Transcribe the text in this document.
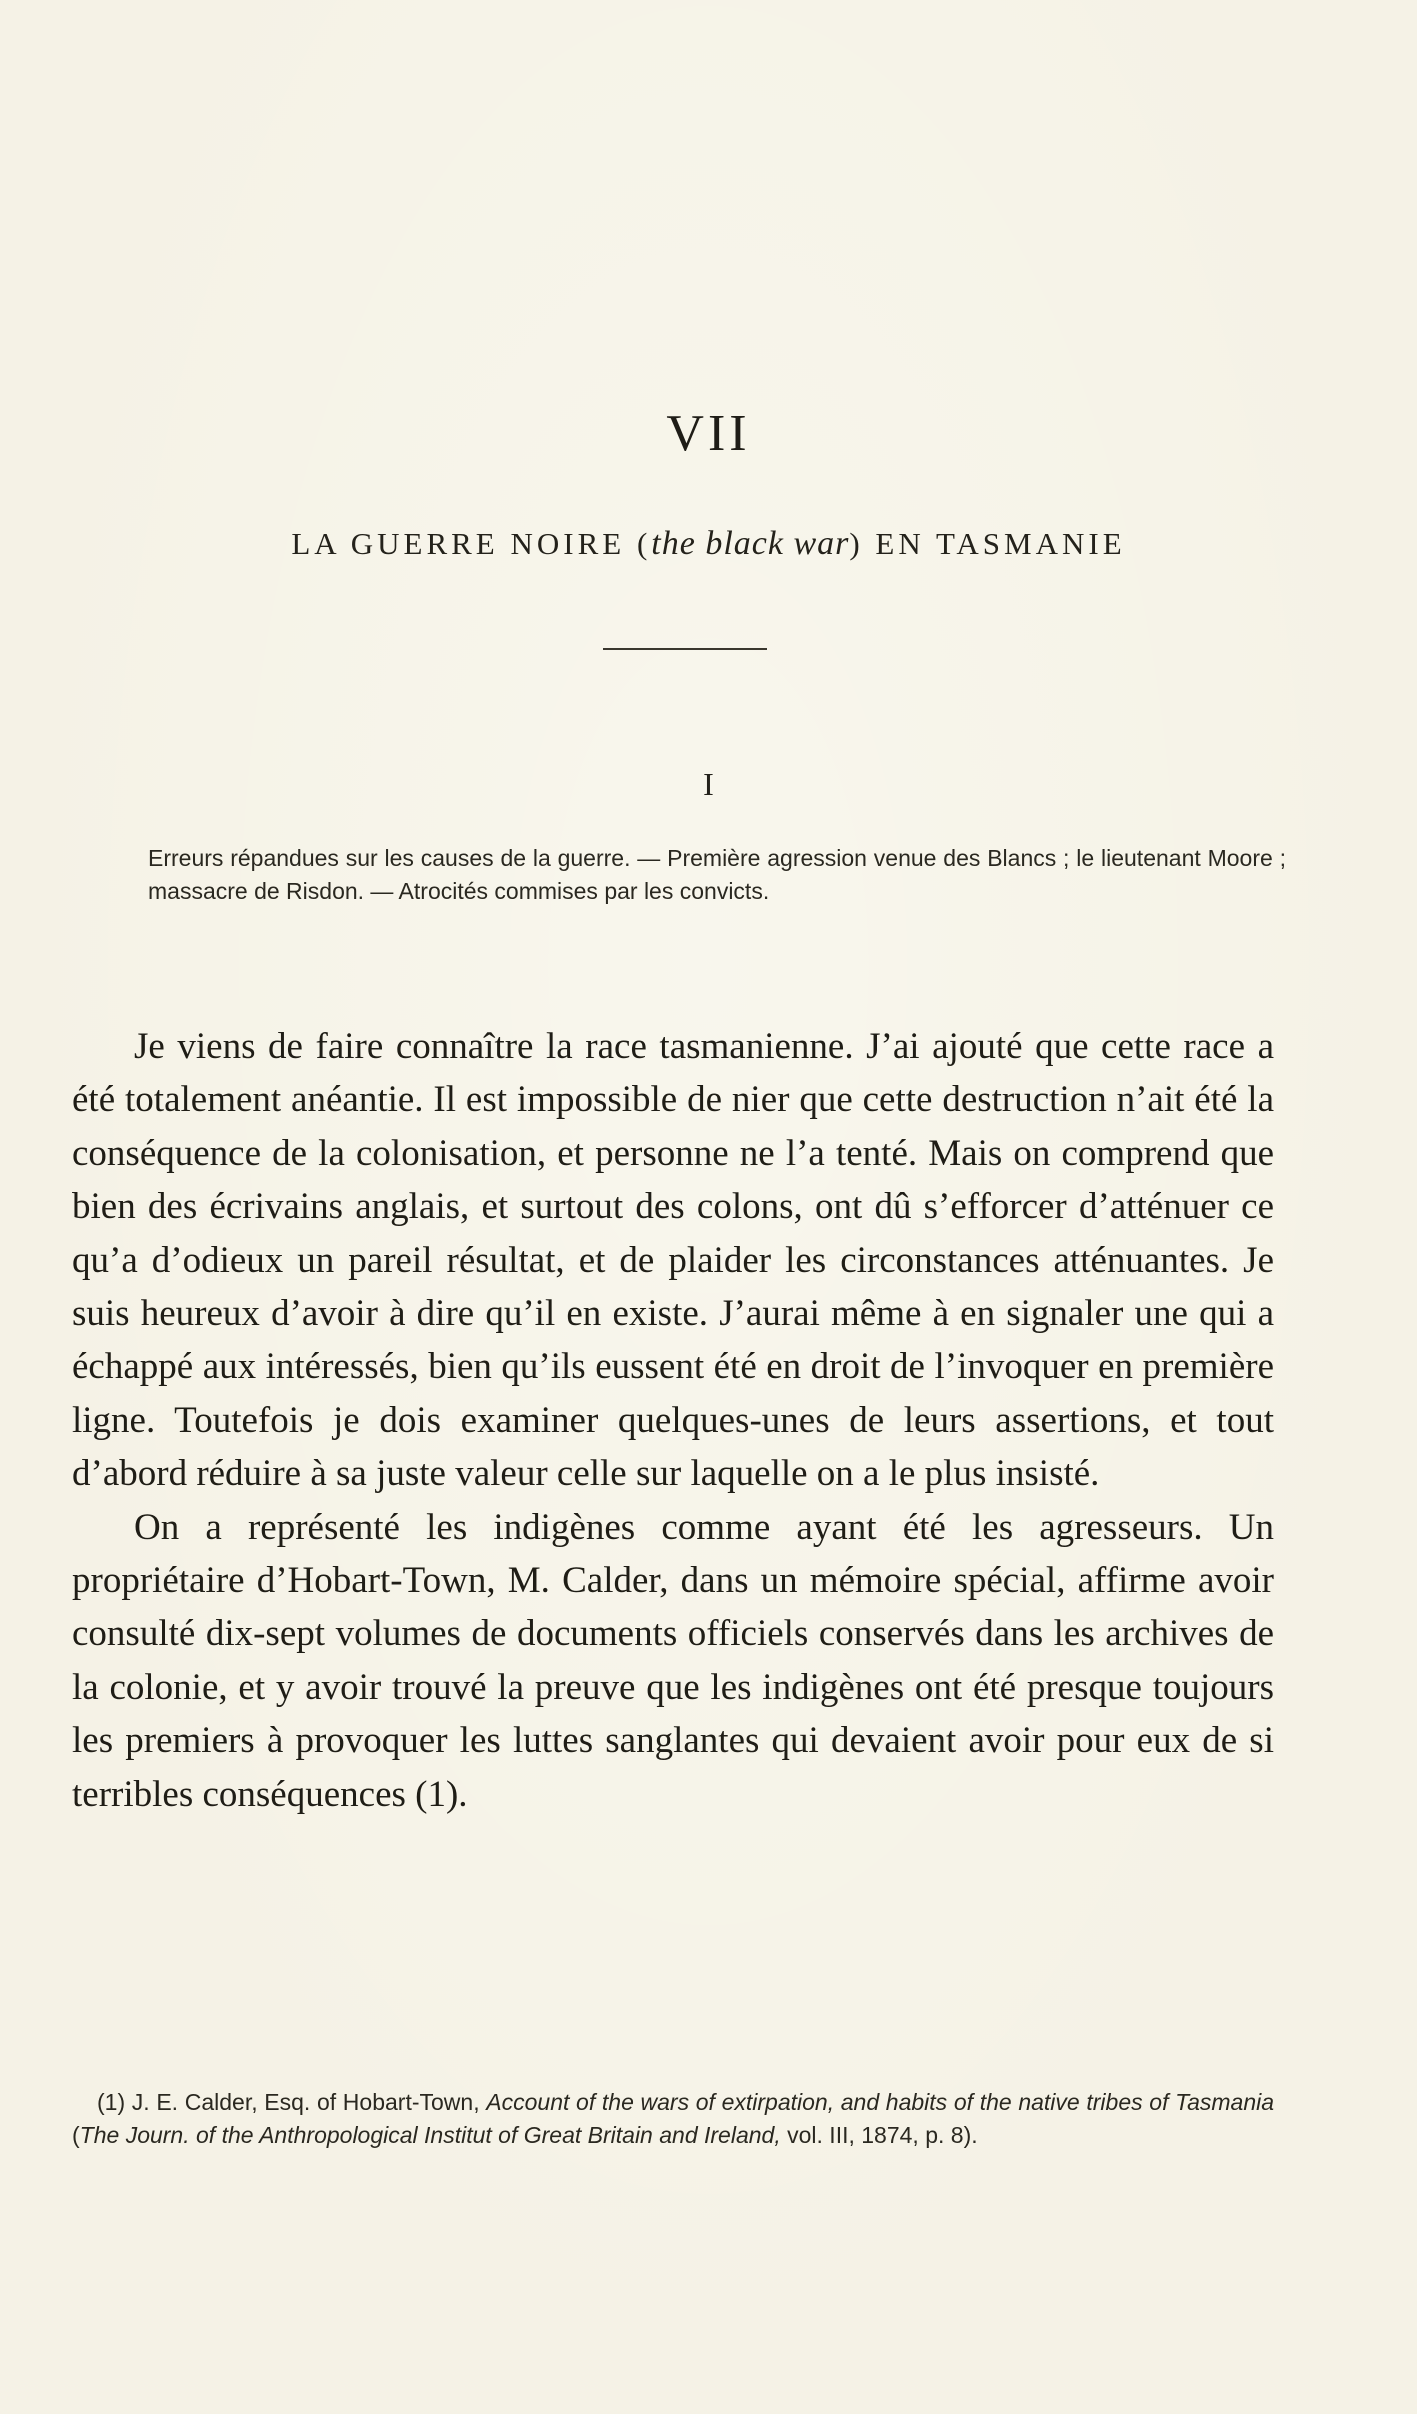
VII
LA GUERRE NOIRE (the black war) EN TASMANIE
I
Erreurs répandues sur les causes de la guerre. — Première agression venue des Blancs ; le lieutenant Moore ; massacre de Risdon. — Atrocités commises par les convicts.

Je viens de faire connaître la race tasmanienne. J’ai ajouté que cette race a été totalement anéantie. Il est impossible de nier que cette destruction n’ait été la conséquence de la colonisation, et personne ne l’a tenté. Mais on comprend que bien des écrivains anglais, et surtout des colons, ont dû s’efforcer d’atténuer ce qu’a d’odieux un pareil résultat, et de plaider les circonstances atténuantes. Je suis heureux d’avoir à dire qu’il en existe. J’aurai même à en signaler une qui a échappé aux intéressés, bien qu’ils eussent été en droit de l’invoquer en première ligne. Toutefois je dois examiner quelques-unes de leurs assertions, et tout d’abord réduire à sa juste valeur celle sur laquelle on a le plus insisté.

On a représenté les indigènes comme ayant été les agresseurs. Un propriétaire d’Hobart-Town, M. Calder, dans un mémoire spécial, affirme avoir consulté dix-sept volumes de documents officiels conservés dans les archives de la colonie, et y avoir trouvé la preuve que les indigènes ont été presque toujours les premiers à provoquer les luttes sanglantes qui devaient avoir pour eux de si terribles conséquences (1).

(1) J. E. Calder, Esq. of Hobart-Town, Account of the wars of extirpation, and habits of the native tribes of Tasmania (The Journ. of the Anthropological Institut of Great Britain and Ireland, vol. III, 1874, p. 8).
